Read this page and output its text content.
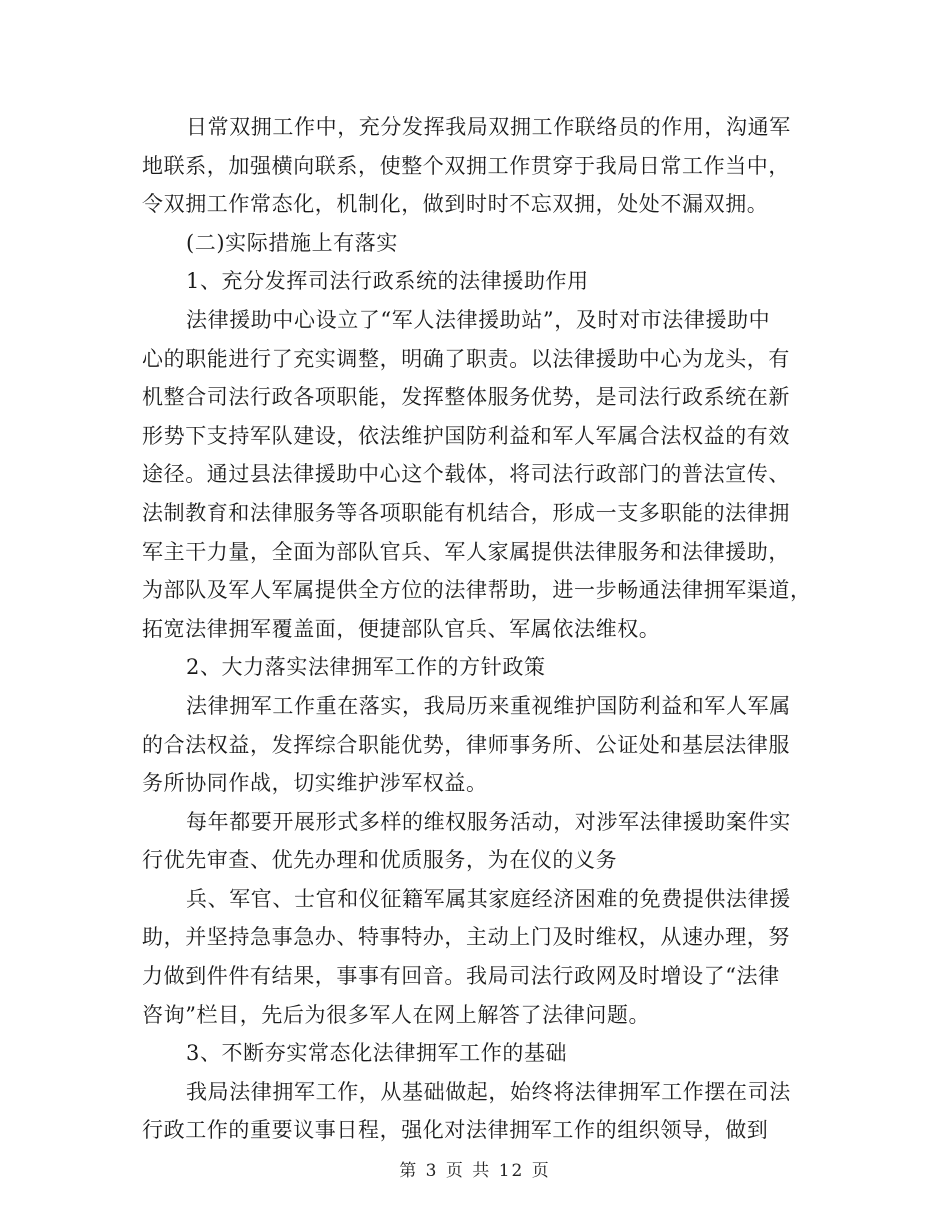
日常双拥工作中，充分发挥我局双拥工作联络员的作用，沟通军
地联系，加强横向联系，使整个双拥工作贯穿于我局日常工作当中，
令双拥工作常态化，机制化，做到时时不忘双拥，处处不漏双拥。
(二)实际措施上有落实
1、充分发挥司法行政系统的法律援助作用
法律援助中心设立了“军人法律援助站”，及时对市法律援助中
心的职能进行了充实调整，明确了职责。以法律援助中心为龙头，有
机整合司法行政各项职能，发挥整体服务优势，是司法行政系统在新
形势下支持军队建设，依法维护国防利益和军人军属合法权益的有效
途径。通过县法律援助中心这个载体，将司法行政部门的普法宣传、
法制教育和法律服务等各项职能有机结合，形成一支多职能的法律拥
军主干力量，全面为部队官兵、军人家属提供法律服务和法律援助，
为部队及军人军属提供全方位的法律帮助，进一步畅通法律拥军渠道，
拓宽法律拥军覆盖面，便捷部队官兵、军属依法维权。
2、大力落实法律拥军工作的方针政策
法律拥军工作重在落实，我局历来重视维护国防利益和军人军属
的合法权益，发挥综合职能优势，律师事务所、公证处和基层法律服
务所协同作战，切实维护涉军权益。
每年都要开展形式多样的维权服务活动，对涉军法律援助案件实
行优先审查、优先办理和优质服务，为在仪的义务
兵、军官、士官和仪征籍军属其家庭经济困难的免费提供法律援
助，并坚持急事急办、特事特办，主动上门及时维权，从速办理，努
力做到件件有结果，事事有回音。我局司法行政网及时增设了“法律
咨询”栏目，先后为很多军人在网上解答了法律问题。
3、不断夯实常态化法律拥军工作的基础
我局法律拥军工作，从基础做起，始终将法律拥军工作摆在司法
行政工作的重要议事日程，强化对法律拥军工作的组织领导，做到
第 3 页 共 12 页
